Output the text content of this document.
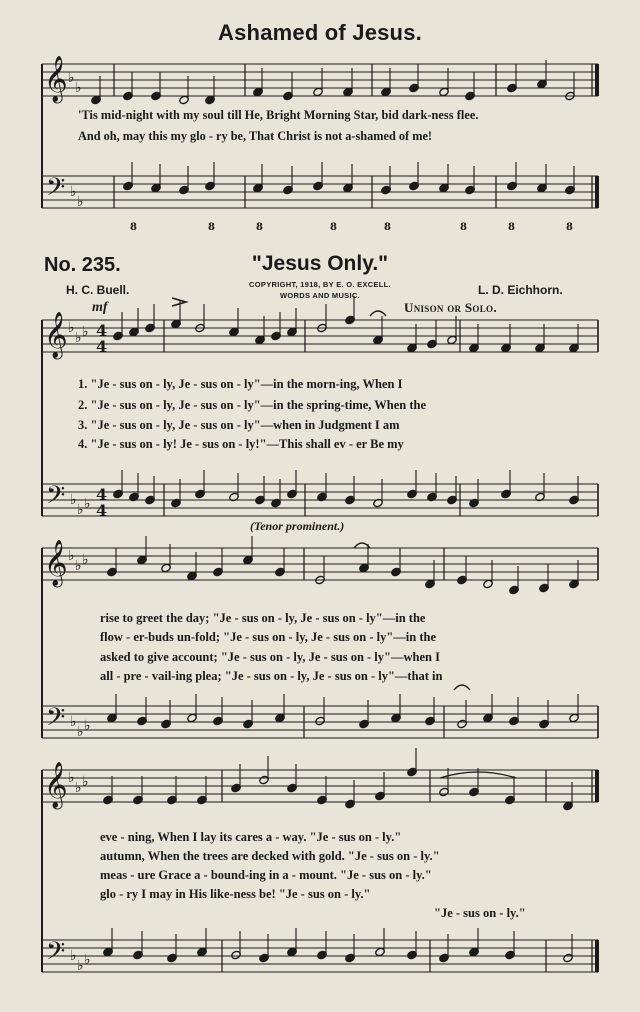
Ashamed of Jesus.
'Tis mid-night with my soul till He, Bright Morning Star, bid dark-ness flee.
And oh, may this my glo - ry be, That Christ is not a-shamed of me!
No. 235.	"Jesus Only."
H. C. Buell.	L. D. Eichhorn.
COPYRIGHT, 1918, BY E. O. EXCELL.
WORDS AND MUSIC.
Unison or Solo.
mf
(Tenor prominent.)
1. "Je - sus on - ly, Je - sus on - ly"—in the morn-ing, When I
2. "Je - sus on - ly, Je - sus on - ly"—in the spring-time, When the
3. "Je - sus on - ly, Je - sus on - ly"—when in Judgment I am
4. "Je - sus on - ly! Je - sus on - ly!"—This shall ev - er Be my
rise to greet the day; "Je - sus on - ly, Je - sus on - ly"—in the
flow - er-buds un-fold; "Je - sus on - ly, Je - sus on - ly"—in the
asked to give account; "Je - sus on - ly, Je - sus on - ly"—when I
all - pre - vail-ing plea; "Je - sus on - ly, Je - sus on - ly"—that in
eve - ning, When I lay its cares a - way. "Je - sus on - ly."
autumn, When the trees are decked with gold. "Je - sus on - ly."
meas - ure Grace a - bound-ing in a - mount. "Je - sus on - ly."
glo - ry I may in His like-ness be! "Je - sus on - ly."
"Je - sus on - ly."
𝄞
𝄢
♭
♭
♭
♭
8	8	8	8	8	8	8	8
𝄞
𝄢
♭
♭ ♭
♭
♭ ♭
4
4
4
4
𝄞
𝄢
♭
♭ ♭
♭
♭ ♭
𝄞
𝄢
♭
♭ ♭
♭
♭ ♭
